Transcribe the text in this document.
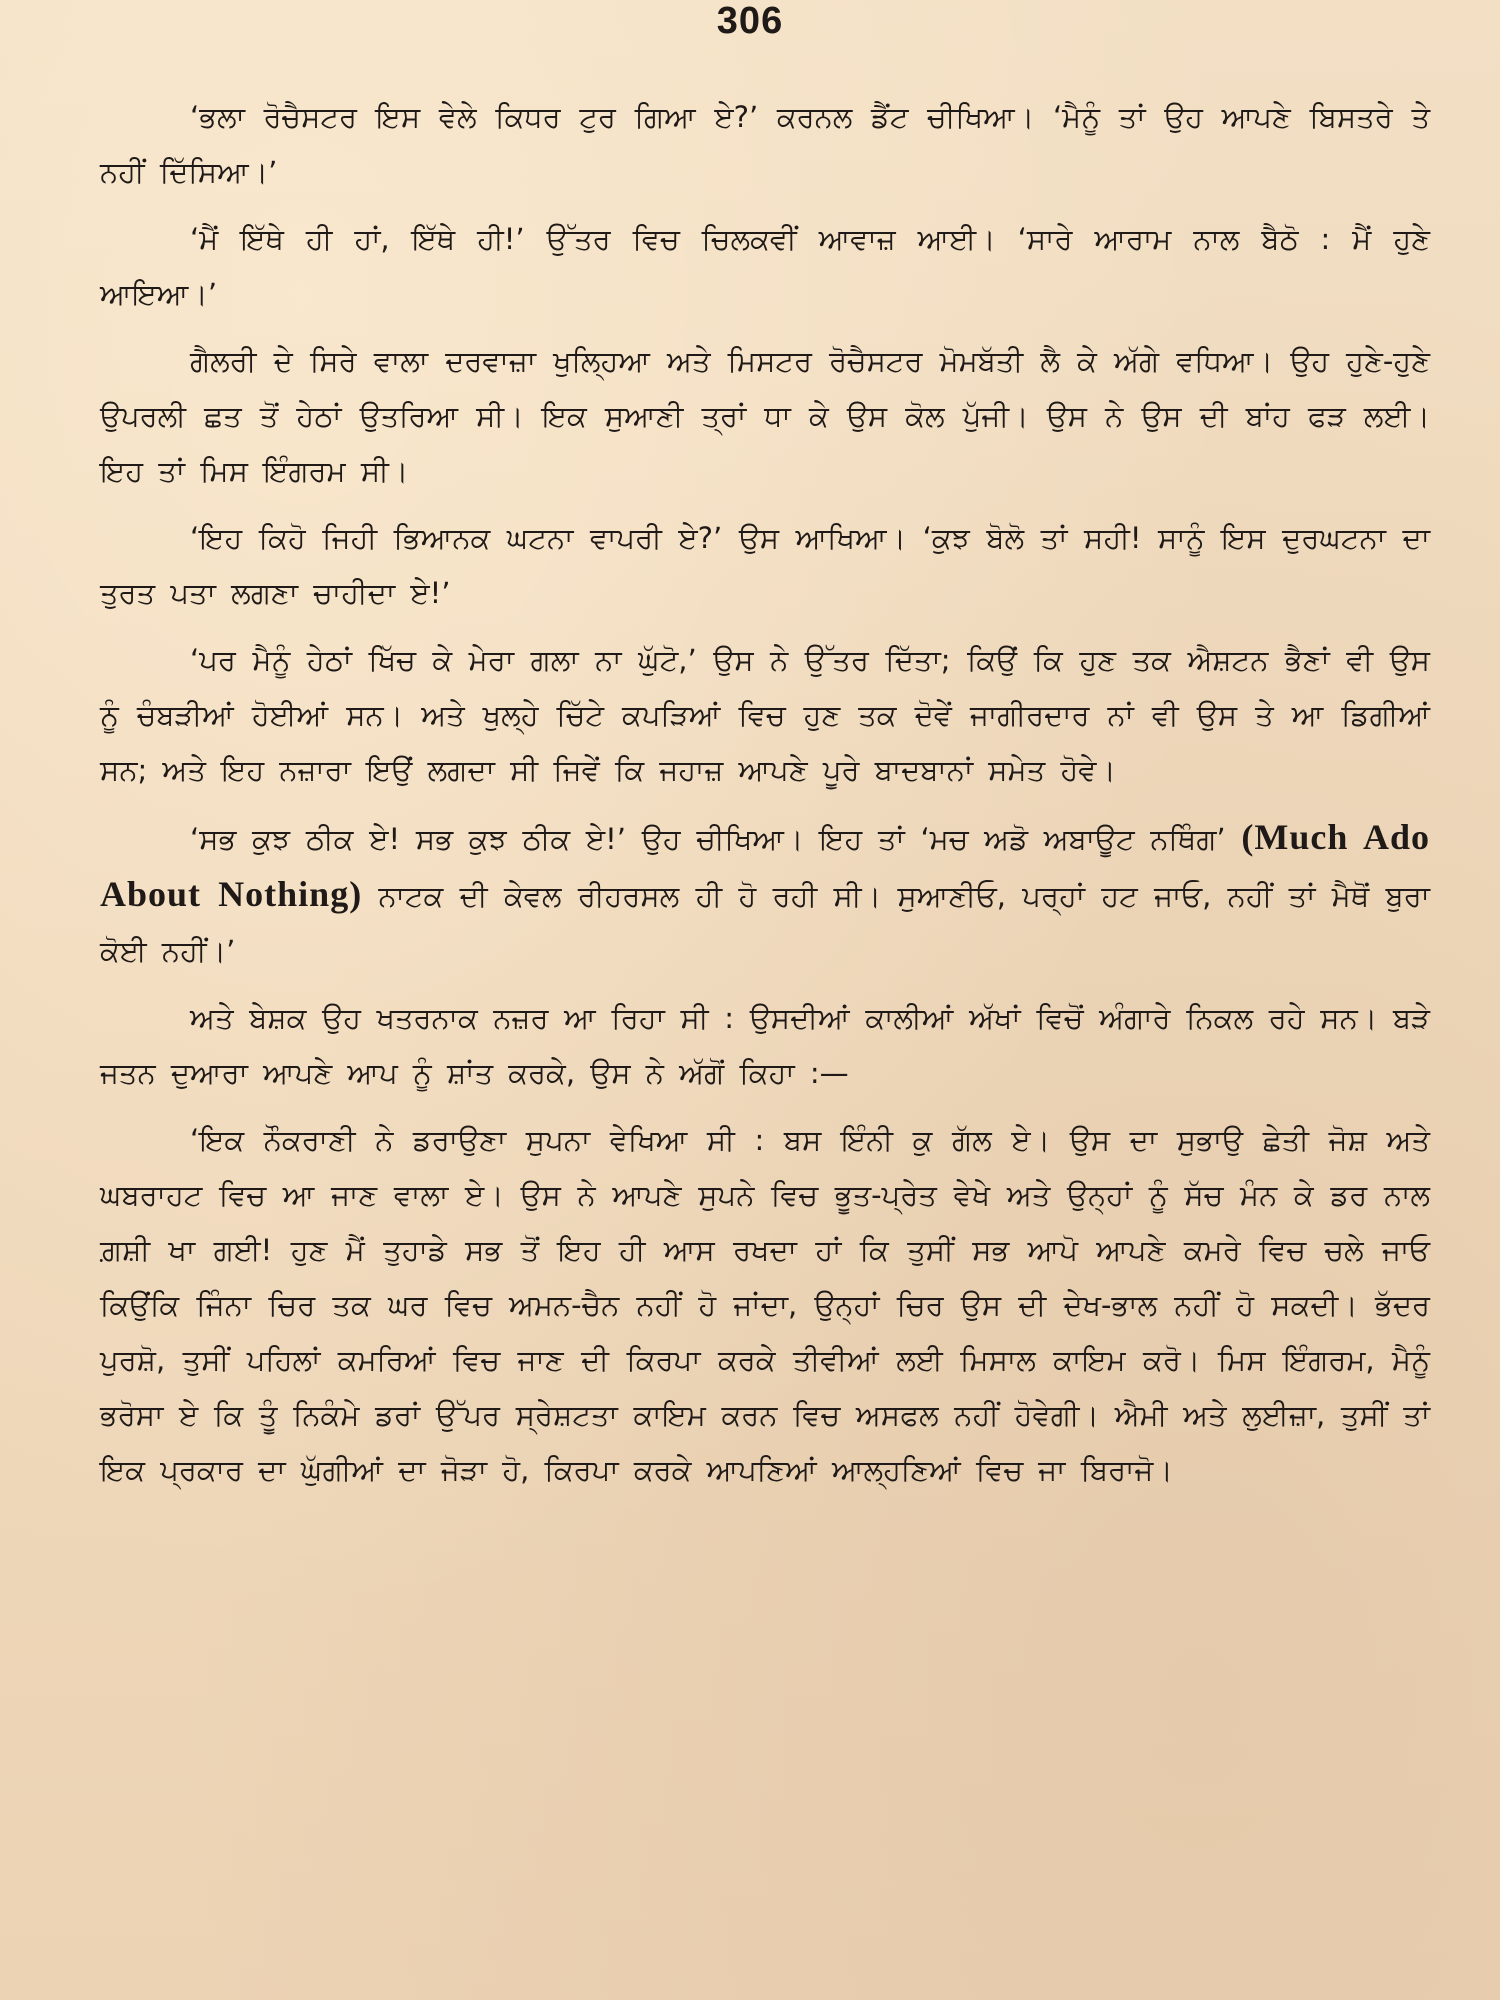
306

‘ਭਲਾ ਰੋਚੈਸਟਰ ਇਸ ਵੇਲੇ ਕਿਧਰ ਟੁਰ ਗਿਆ ਏ?’ ਕਰਨਲ ਡੈਂਟ ਚੀਖਿਆ। ‘ਮੈਨੂੰ ਤਾਂ ਉਹ ਆਪਣੇ ਬਿਸਤਰੇ ਤੇ ਨਹੀਂ ਦਿੱਸਿਆ।’

‘ਮੈਂ ਇੱਥੇ ਹੀ ਹਾਂ, ਇੱਥੇ ਹੀ!’ ਉੱਤਰ ਵਿਚ ਚਿਲਕਵੀਂ ਆਵਾਜ਼ ਆਈ। ‘ਸਾਰੇ ਆਰਾਮ ਨਾਲ ਬੈਠੋ : ਮੈਂ ਹੁਣੇ ਆਇਆ।’

ਗੈਲਰੀ ਦੇ ਸਿਰੇ ਵਾਲਾ ਦਰਵਾਜ਼ਾ ਖੁਲ੍ਹਿਆ ਅਤੇ ਮਿਸਟਰ ਰੋਚੈਸਟਰ ਮੋਮਬੱਤੀ ਲੈ ਕੇ ਅੱਗੇ ਵਧਿਆ। ਉਹ ਹੁਣੇ-ਹੁਣੇ ਉਪਰਲੀ ਛਤ ਤੋਂ ਹੇਠਾਂ ਉਤਰਿਆ ਸੀ। ਇਕ ਸੁਆਣੀ ਤ੍ਰਾਂ ਧਾ ਕੇ ਉਸ ਕੋਲ ਪੁੱਜੀ। ਉਸ ਨੇ ਉਸ ਦੀ ਬਾਂਹ ਫੜ ਲਈ। ਇਹ ਤਾਂ ਮਿਸ ਇੰਗਰਮ ਸੀ।

‘ਇਹ ਕਿਹੋ ਜਿਹੀ ਭਿਆਨਕ ਘਟਨਾ ਵਾਪਰੀ ਏ?’ ਉਸ ਆਖਿਆ। ‘ਕੁਝ ਬੋਲੋ ਤਾਂ ਸਹੀ! ਸਾਨੂੰ ਇਸ ਦੁਰਘਟਨਾ ਦਾ ਤੁਰਤ ਪਤਾ ਲਗਣਾ ਚਾਹੀਦਾ ਏ!’

‘ਪਰ ਮੈਨੂੰ ਹੇਠਾਂ ਖਿੱਚ ਕੇ ਮੇਰਾ ਗਲਾ ਨਾ ਘੁੱਟੋ,’ ਉਸ ਨੇ ਉੱਤਰ ਦਿੱਤਾ; ਕਿਉਂ ਕਿ ਹੁਣ ਤਕ ਐਸ਼ਟਨ ਭੈਣਾਂ ਵੀ ਉਸ ਨੂੰ ਚੰਬੜੀਆਂ ਹੋਈਆਂ ਸਨ। ਅਤੇ ਖੁਲ੍ਹੇ ਚਿੱਟੇ ਕਪੜਿਆਂ ਵਿਚ ਹੁਣ ਤਕ ਦੋਵੇਂ ਜਾਗੀਰਦਾਰ ਨਾਂ ਵੀ ਉਸ ਤੇ ਆ ਡਿਗੀਆਂ ਸਨ; ਅਤੇ ਇਹ ਨਜ਼ਾਰਾ ਇਉਂ ਲਗਦਾ ਸੀ ਜਿਵੇਂ ਕਿ ਜਹਾਜ਼ ਆਪਣੇ ਪੂਰੇ ਬਾਦਬਾਨਾਂ ਸਮੇਤ ਹੋਵੇ।

‘ਸਭ ਕੁਝ ਠੀਕ ਏ! ਸਭ ਕੁਝ ਠੀਕ ਏ!’ ਉਹ ਚੀਖਿਆ। ਇਹ ਤਾਂ ‘ਮਚ ਅਡੋ ਅਬਾਊਟ ਨਥਿੰਗ’ (Much Ado About Nothing) ਨਾਟਕ ਦੀ ਕੇਵਲ ਰੀਹਰਸਲ ਹੀ ਹੋ ਰਹੀ ਸੀ। ਸੁਆਣੀਓ, ਪਰ੍ਹਾਂ ਹਟ ਜਾਓ, ਨਹੀਂ ਤਾਂ ਮੈਥੋਂ ਬੁਰਾ ਕੋਈ ਨਹੀਂ।’

ਅਤੇ ਬੇਸ਼ਕ ਉਹ ਖਤਰਨਾਕ ਨਜ਼ਰ ਆ ਰਿਹਾ ਸੀ : ਉਸਦੀਆਂ ਕਾਲੀਆਂ ਅੱਖਾਂ ਵਿਚੋਂ ਅੰਗਾਰੇ ਨਿਕਲ ਰਹੇ ਸਨ। ਬੜੇ ਜਤਨ ਦੁਆਰਾ ਆਪਣੇ ਆਪ ਨੂੰ ਸ਼ਾਂਤ ਕਰਕੇ, ਉਸ ਨੇ ਅੱਗੋਂ ਕਿਹਾ :—

‘ਇਕ ਨੌਕਰਾਣੀ ਨੇ ਡਰਾਉਣਾ ਸੁਪਨਾ ਵੇਖਿਆ ਸੀ : ਬਸ ਇੰਨੀ ਕੁ ਗੱਲ ਏ। ਉਸ ਦਾ ਸੁਭਾਉ ਛੇਤੀ ਜੋਸ਼ ਅਤੇ ਘਬਰਾਹਟ ਵਿਚ ਆ ਜਾਣ ਵਾਲਾ ਏ। ਉਸ ਨੇ ਆਪਣੇ ਸੁਪਨੇ ਵਿਚ ਭੂਤ-ਪ੍ਰੇਤ ਵੇਖੇ ਅਤੇ ਉਨ੍ਹਾਂ ਨੂੰ ਸੱਚ ਮੰਨ ਕੇ ਡਰ ਨਾਲ ਗ਼ਸ਼ੀ ਖਾ ਗਈ! ਹੁਣ ਮੈਂ ਤੁਹਾਡੇ ਸਭ ਤੋਂ ਇਹ ਹੀ ਆਸ ਰਖਦਾ ਹਾਂ ਕਿ ਤੁਸੀਂ ਸਭ ਆਪੋ ਆਪਣੇ ਕਮਰੇ ਵਿਚ ਚਲੇ ਜਾਓ ਕਿਉਂਕਿ ਜਿੰਨਾ ਚਿਰ ਤਕ ਘਰ ਵਿਚ ਅਮਨ-ਚੈਨ ਨਹੀਂ ਹੋ ਜਾਂਦਾ, ਉਨ੍ਹਾਂ ਚਿਰ ਉਸ ਦੀ ਦੇਖ-ਭਾਲ ਨਹੀਂ ਹੋ ਸਕਦੀ। ਭੱਦਰ ਪੁਰਸ਼ੋ, ਤੁਸੀਂ ਪਹਿਲਾਂ ਕਮਰਿਆਂ ਵਿਚ ਜਾਣ ਦੀ ਕਿਰਪਾ ਕਰਕੇ ਤੀਵੀਆਂ ਲਈ ਮਿਸਾਲ ਕਾਇਮ ਕਰੋ। ਮਿਸ ਇੰਗਰਮ, ਮੈਨੂੰ ਭਰੋਸਾ ਏ ਕਿ ਤੂੰ ਨਿਕੰਮੇ ਡਰਾਂ ਉੱਪਰ ਸ੍ਰੇਸ਼ਟਤਾ ਕਾਇਮ ਕਰਨ ਵਿਚ ਅਸਫਲ ਨਹੀਂ ਹੋਵੇਗੀ। ਐਮੀ ਅਤੇ ਲੁਈਜ਼ਾ, ਤੁਸੀਂ ਤਾਂ ਇਕ ਪ੍ਰਕਾਰ ਦਾ ਘੁੱਗੀਆਂ ਦਾ ਜੋੜਾ ਹੋ, ਕਿਰਪਾ ਕਰਕੇ ਆਪਣਿਆਂ ਆਲ੍ਹਣਿਆਂ ਵਿਚ ਜਾ ਬਿਰਾਜੋ।
